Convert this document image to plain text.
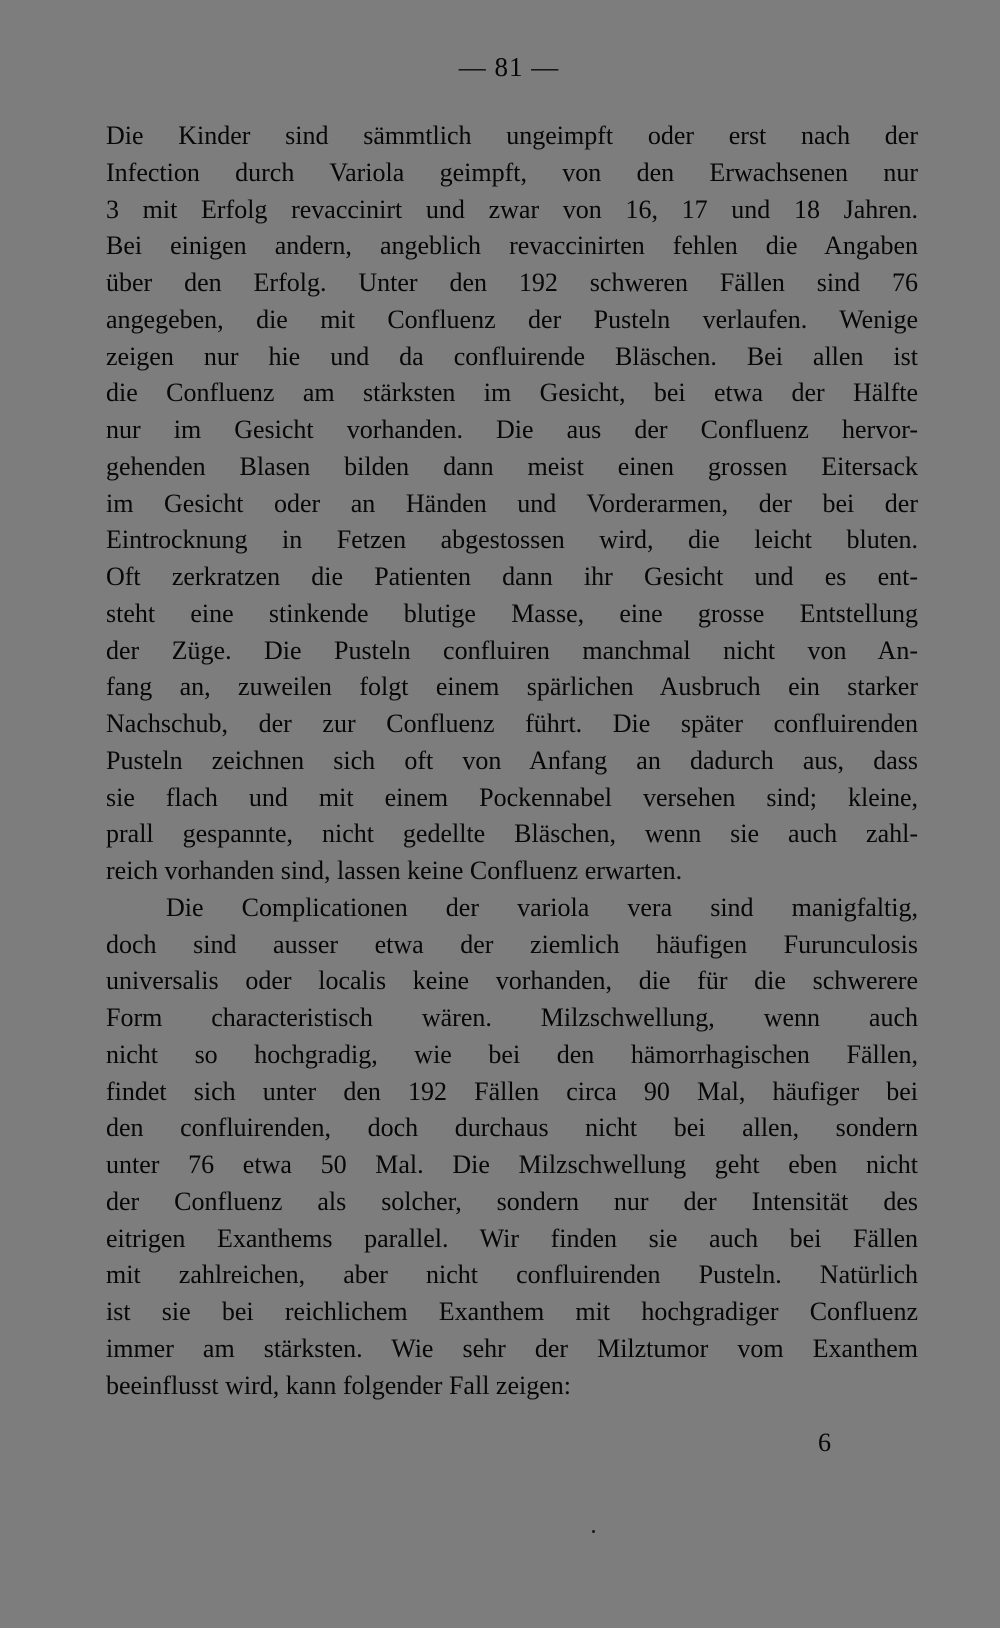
— 81 —
Die Kinder sind sämmtlich ungeimpft oder erst nach der
Infection durch Variola geimpft, von den Erwachsenen nur
3 mit Erfolg revaccinirt und zwar von 16, 17 und 18 Jahren.
Bei einigen andern, angeblich revaccinirten fehlen die Angaben
über den Erfolg. Unter den 192 schweren Fällen sind 76
angegeben, die mit Confluenz der Pusteln verlaufen. Wenige
zeigen nur hie und da confluirende Bläschen. Bei allen ist
die Confluenz am stärksten im Gesicht, bei etwa der Hälfte
nur im Gesicht vorhanden. Die aus der Confluenz hervor-
gehenden Blasen bilden dann meist einen grossen Eitersack
im Gesicht oder an Händen und Vorderarmen, der bei der
Eintrocknung in Fetzen abgestossen wird, die leicht bluten.
Oft zerkratzen die Patienten dann ihr Gesicht und es ent-
steht eine stinkende blutige Masse, eine grosse Entstellung
der Züge. Die Pusteln confluiren manchmal nicht von An-
fang an, zuweilen folgt einem spärlichen Ausbruch ein starker
Nachschub, der zur Confluenz führt. Die später confluirenden
Pusteln zeichnen sich oft von Anfang an dadurch aus, dass
sie flach und mit einem Pockennabel versehen sind; kleine,
prall gespannte, nicht gedellte Bläschen, wenn sie auch zahl-
reich vorhanden sind, lassen keine Confluenz erwarten.
Die Complicationen der variola vera sind manigfaltig,
doch sind ausser etwa der ziemlich häufigen Furunculosis
universalis oder localis keine vorhanden, die für die schwerere
Form characteristisch wären. Milzschwellung, wenn auch
nicht so hochgradig, wie bei den hämorrhagischen Fällen,
findet sich unter den 192 Fällen circa 90 Mal, häufiger bei
den confluirenden, doch durchaus nicht bei allen, sondern
unter 76 etwa 50 Mal. Die Milzschwellung geht eben nicht
der Confluenz als solcher, sondern nur der Intensität des
eitrigen Exanthems parallel. Wir finden sie auch bei Fällen
mit zahlreichen, aber nicht confluirenden Pusteln. Natürlich
ist sie bei reichlichem Exanthem mit hochgradiger Confluenz
immer am stärksten. Wie sehr der Milztumor vom Exanthem
beeinflusst wird, kann folgender Fall zeigen:
6
